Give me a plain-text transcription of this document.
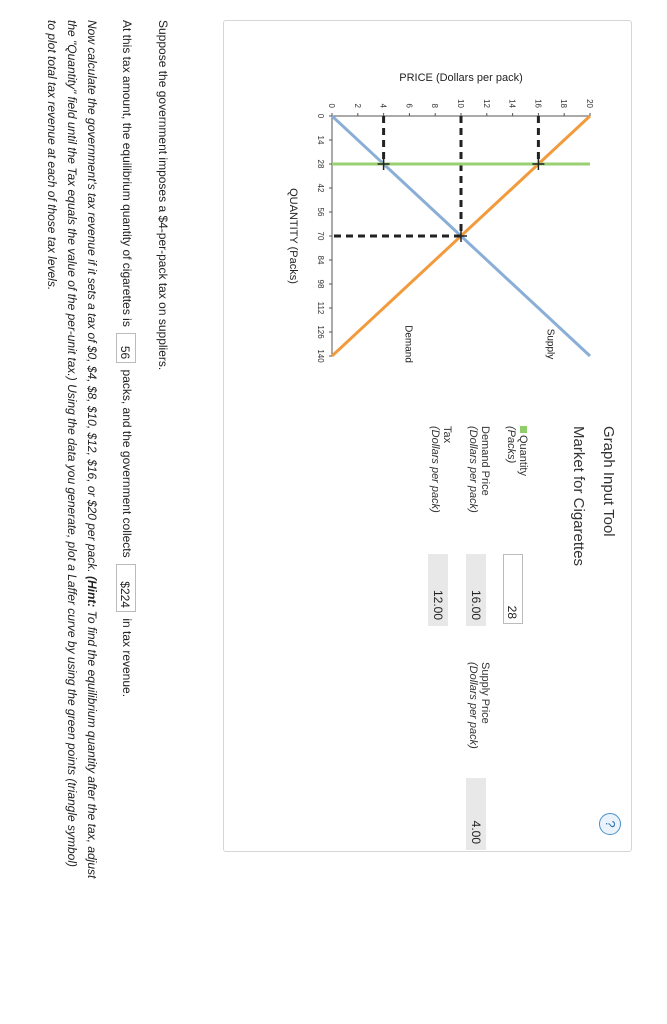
PRICE (Dollars per pack)
QUANTITY (Packs)
0 2 4 6 8 10 12 14 16 18 20
0
14
28
42
56
70
84
98
112
126
140	Supply
Demand
Graph Input Tool
?
Market for Cigarettes
Quantity
(Packs)
28
Demand Price
(Dollars per pack)
16.00
Supply Price
(Dollars per pack)
4.00
Tax
(Dollars per pack)
12.00
Suppose the government imposes a $4-per-pack tax on suppliers.
At this tax amount, the equilibrium quantity of cigarettes is 56 packs, and the government collects $224 in tax revenue.
Now calculate the government's tax revenue if it sets a tax of $0, $4, $8, $10, $12, $16, or $20 per pack. (Hint: To find the equilibrium quantity after the tax, adjust the "Quantity" field until the Tax equals the value of the per-unit tax.) Using the data you generate, plot a Laffer curve by using the green points (triangle symbol) to plot total tax revenue at each of those tax levels.
